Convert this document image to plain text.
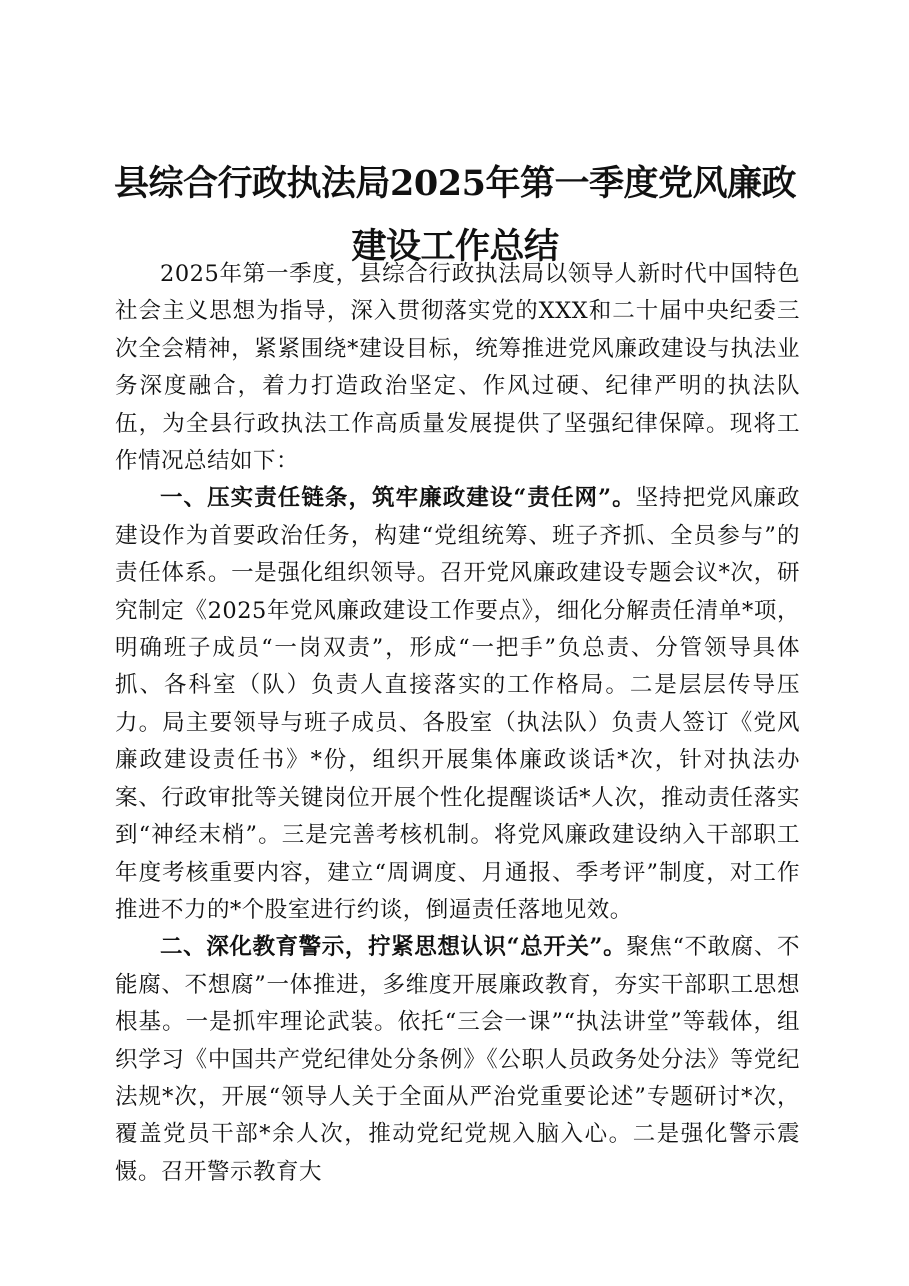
县综合行政执法局2025年第一季度党风廉政
建设工作总结

2025年第一季度，县综合行政执法局以领导人新时代中国特色社会主义思想为指导，深入贯彻落实党的XXX和二十届中央纪委三次全会精神，紧紧围绕*建设目标，统筹推进党风廉政建设与执法业务深度融合，着力打造政治坚定、作风过硬、纪律严明的执法队伍，为全县行政执法工作高质量发展提供了坚强纪律保障。现将工作情况总结如下：

一、压实责任链条，筑牢廉政建设“责任网”。坚持把党风廉政建设作为首要政治任务，构建“党组统筹、班子齐抓、全员参与”的责任体系。一是强化组织领导。召开党风廉政建设专题会议*次，研究制定《2025年党风廉政建设工作要点》，细化分解责任清单*项，明确班子成员“一岗双责”，形成“一把手”负总责、分管领导具体抓、各科室（队）负责人直接落实的工作格局。二是层层传导压力。局主要领导与班子成员、各股室（执法队）负责人签订《党风廉政建设责任书》*份，组织开展集体廉政谈话*次，针对执法办案、行政审批等关键岗位开展个性化提醒谈话*人次，推动责任落实到“神经末梢”。三是完善考核机制。将党风廉政建设纳入干部职工年度考核重要内容，建立“周调度、月通报、季考评”制度，对工作推进不力的*个股室进行约谈，倒逼责任落地见效。

二、深化教育警示，拧紧思想认识“总开关”。聚焦“不敢腐、不能腐、不想腐”一体推进，多维度开展廉政教育，夯实干部职工思想根基。一是抓牢理论武装。依托“三会一课”“执法讲堂”等载体，组织学习《中国共产党纪律处分条例》《公职人员政务处分法》等党纪法规*次，开展“领导人关于全面从严治党重要论述”专题研讨*次，覆盖党员干部*余人次，推动党纪党规入脑入心。二是强化警示震慑。召开警示教育大
